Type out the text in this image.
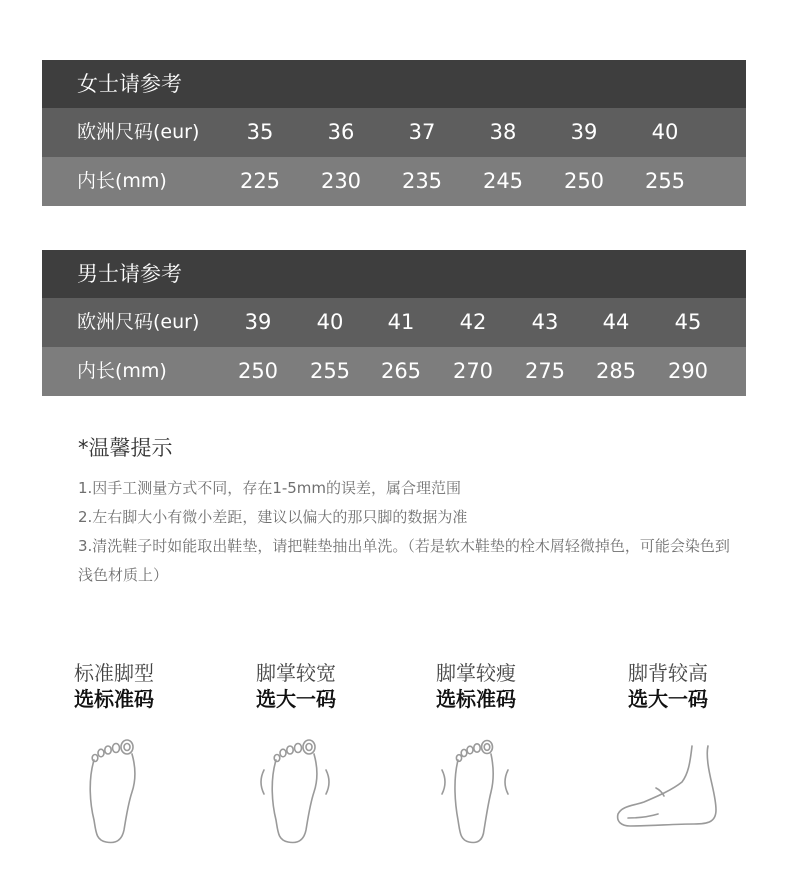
女士请参考
欧洲尺码(eur) 35	36	37	38	39	40
内长(mm)	225 230 235 245 250 255
男士请参考
欧洲尺码(eur) 39 40 41 42 43 44 45
内长(mm)	250 255 265 270 275 285 290
*温馨提示

1.因手工测量方式不同，存在1-5mm的误差，属合理范围

2.左右脚大小有微小差距，建议以偏大的那只脚的数据为准

3.清洗鞋子时如能取出鞋垫，请把鞋垫抽出单洗。（若是软木鞋垫的栓木屑轻微掉色，可能会染色到浅色材质上）

标准脚型
选标准码
脚掌较宽
选大一码
脚掌较瘦
选标准码
脚背较高
选大一码
